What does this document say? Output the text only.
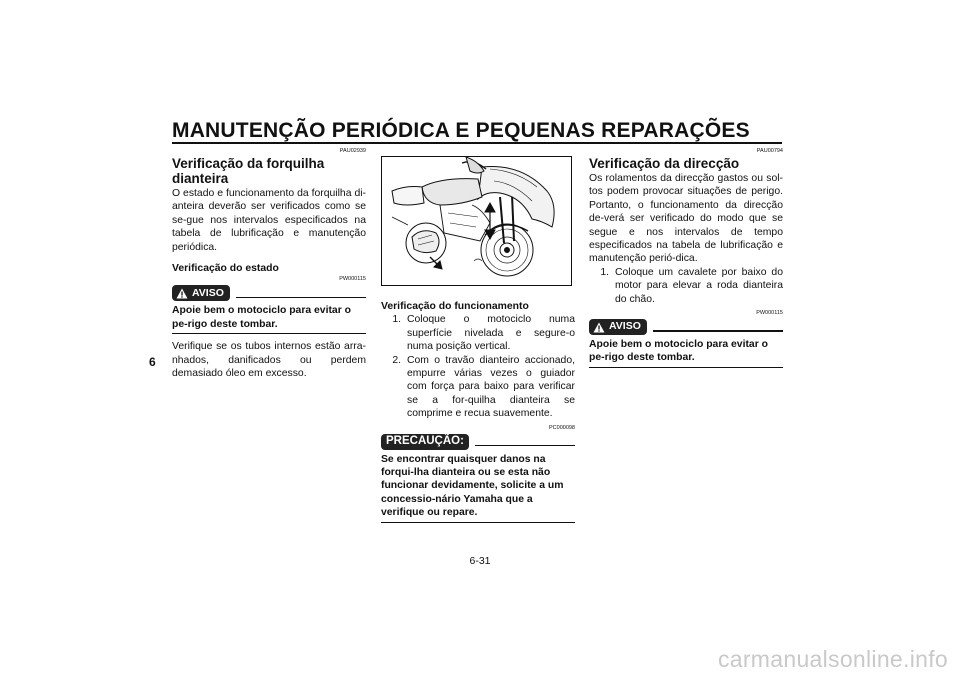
MANUTENÇÃO PERIÓDICA E PEQUENAS REPARAÇÕES
6
PAU02939
Verificação da forquilha dianteira

O estado e funcionamento da forquilha di-anteira deverão ser verificados como se se-gue nos intervalos especificados na tabela de lubrificação e manutenção periódica.

Verificação do estado
PW000115
AVISO
Apoie bem o motociclo para evitar o pe-rigo deste tombar.

Verifique se os tubos internos estão arra-nhados, danificados ou perdem demasiado óleo em excesso.

Verificação do funcionamento
1. Coloque o motociclo numa superfície nivelada e segure-o numa posição vertical.
2. Com o travão dianteiro accionado, empurre várias vezes o guiador com força para baixo para verificar se a for-quilha dianteira se comprime e recua suavemente.
PC000098
PRECAUÇÃO:
Se encontrar quaisquer danos na forqui-lha dianteira ou se esta não funcionar devidamente, solicite a um concessio-nário Yamaha que a verifique ou repare.
PAU00794
Verificação da direcção

Os rolamentos da direcção gastos ou sol-tos podem provocar situações de perigo. Portanto, o funcionamento da direcção de-verá ser verificado do modo que se segue e nos intervalos de tempo especificados na tabela de lubrificação e manutenção perió-dica.

1. Coloque um cavalete por baixo do motor para elevar a roda dianteira do chão.
PW000115
AVISO
Apoie bem o motociclo para evitar o pe-rigo deste tombar.
6-31
carmanualsonline.info
